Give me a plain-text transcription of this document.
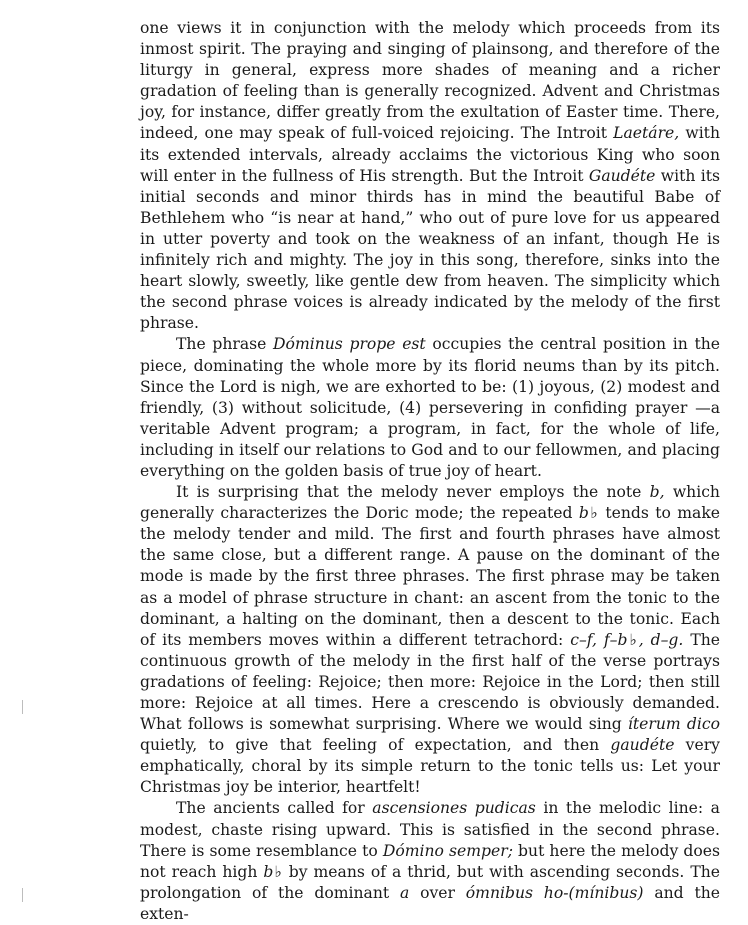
one views it in conjunction with the melody which proceeds from its inmost spirit. The praying and singing of plainsong, and therefore of the liturgy in general, express more shades of meaning and a richer gradation of feeling than is generally recognized. Advent and Christmas joy, for instance, differ greatly from the exultation of Easter time. There, indeed, one may speak of full-voiced rejoicing. The Introit Laetáre, with its extended intervals, already acclaims the victorious King who soon will enter in the fullness of His strength. But the Introit Gaudéte with its initial seconds and minor thirds has in mind the beautiful Babe of Bethlehem who “is near at hand,” who out of pure love for us appeared in utter poverty and took on the weakness of an infant, though He is infinitely rich and mighty. The joy in this song, therefore, sinks into the heart slowly, sweetly, like gentle dew from heaven. The simplicity which the second phrase voices is already indicated by the melody of the first phrase.

The phrase Dóminus prope est occupies the central position in the piece, dominating the whole more by its florid neums than by its pitch. Since the Lord is nigh, we are exhorted to be: (1) joyous, (2) modest and friendly, (3) without solicitude, (4) persevering in confiding prayer —a veritable Advent program; a program, in fact, for the whole of life, including in itself our relations to God and to our fellowmen, and placing everything on the golden basis of true joy of heart.

It is surprising that the melody never employs the note b, which generally characterizes the Doric mode; the repeated b♭ tends to make the melody tender and mild. The first and fourth phrases have almost the same close, but a different range. A pause on the dominant of the mode is made by the first three phrases. The first phrase may be taken as a model of phrase structure in chant: an ascent from the tonic to the dominant, a halting on the dominant, then a descent to the tonic. Each of its members moves within a different tetrachord: c–f, f–b♭, d–g. The continuous growth of the melody in the first half of the verse portrays gradations of feeling: Rejoice; then more: Rejoice in the Lord; then still more: Rejoice at all times. Here a crescendo is obviously demanded. What follows is somewhat surprising. Where we would sing íterum dico quietly, to give that feeling of expectation, and then gaudéte very emphatically, choral by its simple return to the tonic tells us: Let your Christmas joy be interior, heartfelt!

The ancients called for ascensiones pudicas in the melodic line: a modest, chaste rising upward. This is satisfied in the second phrase. There is some resemblance to Dómino semper; but here the melody does not reach high b♭ by means of a thrid, but with ascending seconds. The prolongation of the dominant a over ómnibus ho-(mínibus) and the exten-
